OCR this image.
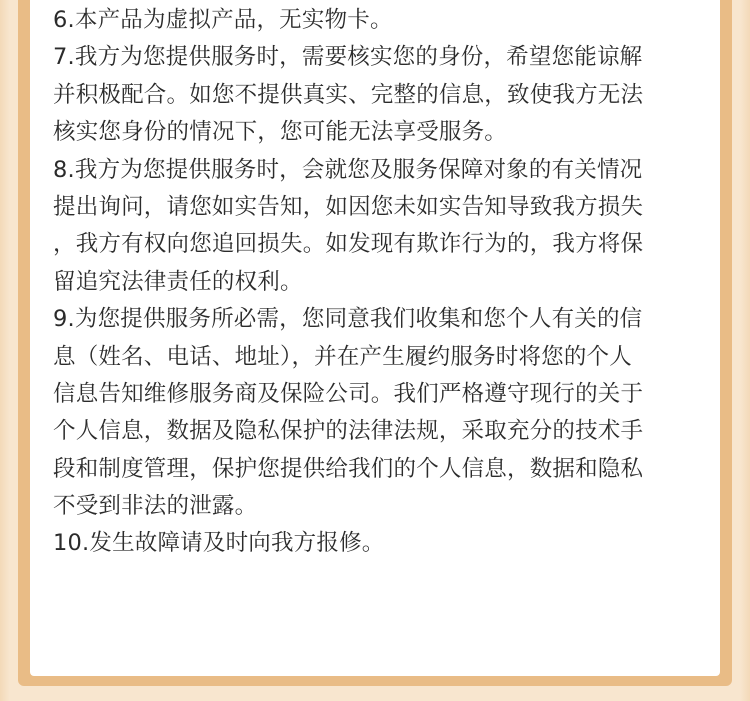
6.本产品为虚拟产品，无实物卡。
7.我方为您提供服务时，需要核实您的身份，希望您能谅解
并积极配合。如您不提供真实、完整的信息，致使我方无法
核实您身份的情况下，您可能无法享受服务。
8.我方为您提供服务时，会就您及服务保障对象的有关情况
提出询问，请您如实告知，如因您未如实告知导致我方损失
，我方有权向您追回损失。如发现有欺诈行为的，我方将保
留追究法律责任的权利。
9.为您提供服务所必需，您同意我们收集和您个人有关的信
息（姓名、电话、地址），并在产生履约服务时将您的个人
信息告知维修服务商及保险公司。我们严格遵守现行的关于
个人信息，数据及隐私保护的法律法规，采取充分的技术手
段和制度管理，保护您提供给我们的个人信息，数据和隐私
不受到非法的泄露。
10.发生故障请及时向我方报修。
